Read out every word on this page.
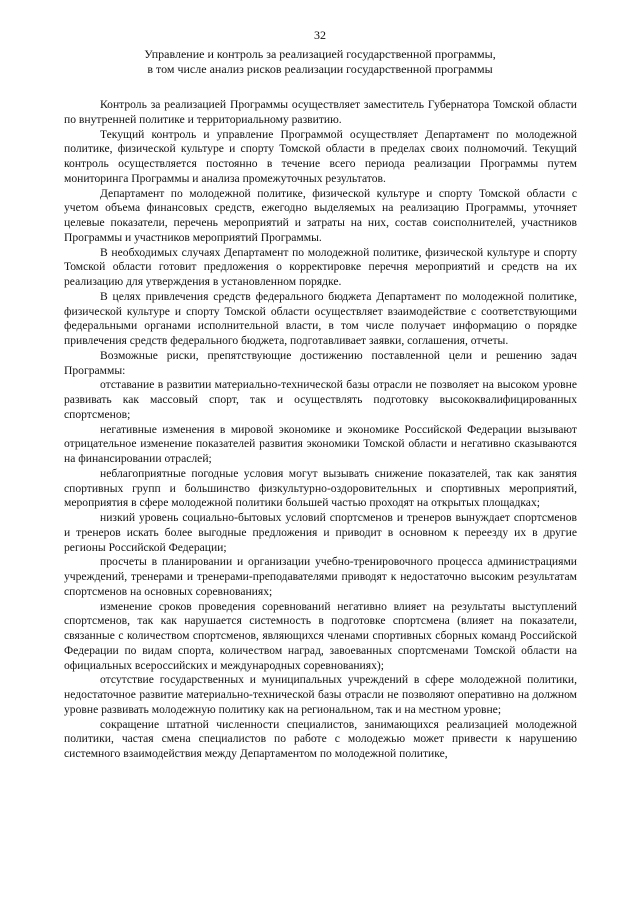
32
Управление и контроль за реализацией государственной программы,
в том числе анализ рисков реализации государственной программы

Контроль за реализацией Программы осуществляет заместитель Губернатора Томской области по внутренней политике и территориальному развитию.

Текущий контроль и управление Программой осуществляет Департамент по молодежной политике, физической культуре и спорту Томской области в пределах своих полномочий. Текущий контроль осуществляется постоянно в течение всего периода реализации Программы путем мониторинга Программы и анализа промежуточных результатов.

Департамент по молодежной политике, физической культуре и спорту Томской области с учетом объема финансовых средств, ежегодно выделяемых на реализацию Программы, уточняет целевые показатели, перечень мероприятий и затраты на них, состав соисполнителей, участников Программы и участников мероприятий Программы.

В необходимых случаях Департамент по молодежной политике, физической культуре и спорту Томской области готовит предложения о корректировке перечня мероприятий и средств на их реализацию для утверждения в установленном порядке.

В целях привлечения средств федерального бюджета Департамент по молодежной политике, физической культуре и спорту Томской области осуществляет взаимодействие с соответствующими федеральными органами исполнительной власти, в том числе получает информацию о порядке привлечения средств федерального бюджета, подготавливает заявки, соглашения, отчеты.

Возможные риски, препятствующие достижению поставленной цели и решению задач Программы:

отставание в развитии материально-технической базы отрасли не позволяет на высоком уровне развивать как массовый спорт, так и осуществлять подготовку высококвалифицированных спортсменов;

негативные изменения в мировой экономике и экономике Российской Федерации вызывают отрицательное изменение показателей развития экономики Томской области и негативно сказываются на финансировании отраслей;

неблагоприятные погодные условия могут вызывать снижение показателей, так как занятия спортивных групп и большинство физкультурно-оздоровительных и спортивных мероприятий, мероприятия в сфере молодежной политики большей частью проходят на открытых площадках;

низкий уровень социально-бытовых условий спортсменов и тренеров вынуждает спортсменов и тренеров искать более выгодные предложения и приводит в основном к переезду их в другие регионы Российской Федерации;

просчеты в планировании и организации учебно-тренировочного процесса администрациями учреждений, тренерами и тренерами-преподавателями приводят к недостаточно высоким результатам спортсменов на основных соревнованиях;

изменение сроков проведения соревнований негативно влияет на результаты выступлений спортсменов, так как нарушается системность в подготовке спортсмена (влияет на показатели, связанные с количеством спортсменов, являющихся членами спортивных сборных команд Российской Федерации по видам спорта, количеством наград, завоеванных спортсменами Томской области на официальных всероссийских и международных соревнованиях);

отсутствие государственных и муниципальных учреждений в сфере молодежной политики, недостаточное развитие материально-технической базы отрасли не позволяют оперативно на должном уровне развивать молодежную политику как на региональном, так и на местном уровне;

сокращение штатной численности специалистов, занимающихся реализацией молодежной политики, частая смена специалистов по работе с молодежью может привести к нарушению системного взаимодействия между Департаментом по молодежной политике,
